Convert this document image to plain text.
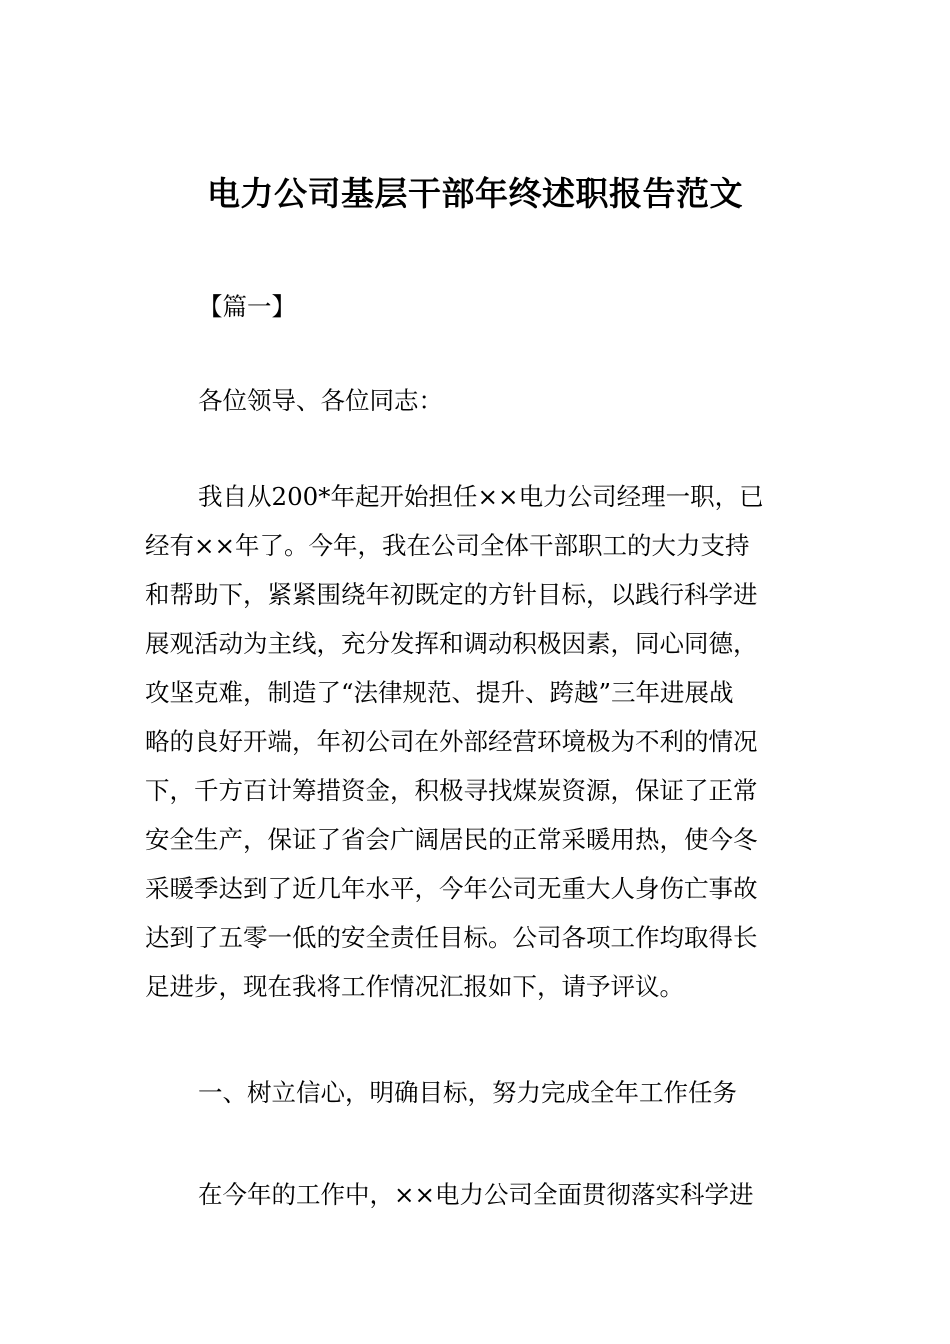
电力公司基层干部年终述职报告范文
【篇一】
各位领导、各位同志：
我自从200*年起开始担任××电力公司经理一职，已
经有××年了。今年，我在公司全体干部职工的大力支持
和帮助下，紧紧围绕年初既定的方针目标，以践行科学进
展观活动为主线，充分发挥和调动积极因素，同心同德，
攻坚克难，制造了“法律规范、提升、跨越”三年进展战
略的良好开端，年初公司在外部经营环境极为不利的情况
下，千方百计筹措资金，积极寻找煤炭资源，保证了正常
安全生产，保证了省会广阔居民的正常采暖用热，使今冬
采暖季达到了近几年水平，今年公司无重大人身伤亡事故
达到了五零一低的安全责任目标。公司各项工作均取得长
足进步，现在我将工作情况汇报如下，请予评议。
一、树立信心，明确目标，努力完成全年工作任务
在今年的工作中，××电力公司全面贯彻落实科学进
